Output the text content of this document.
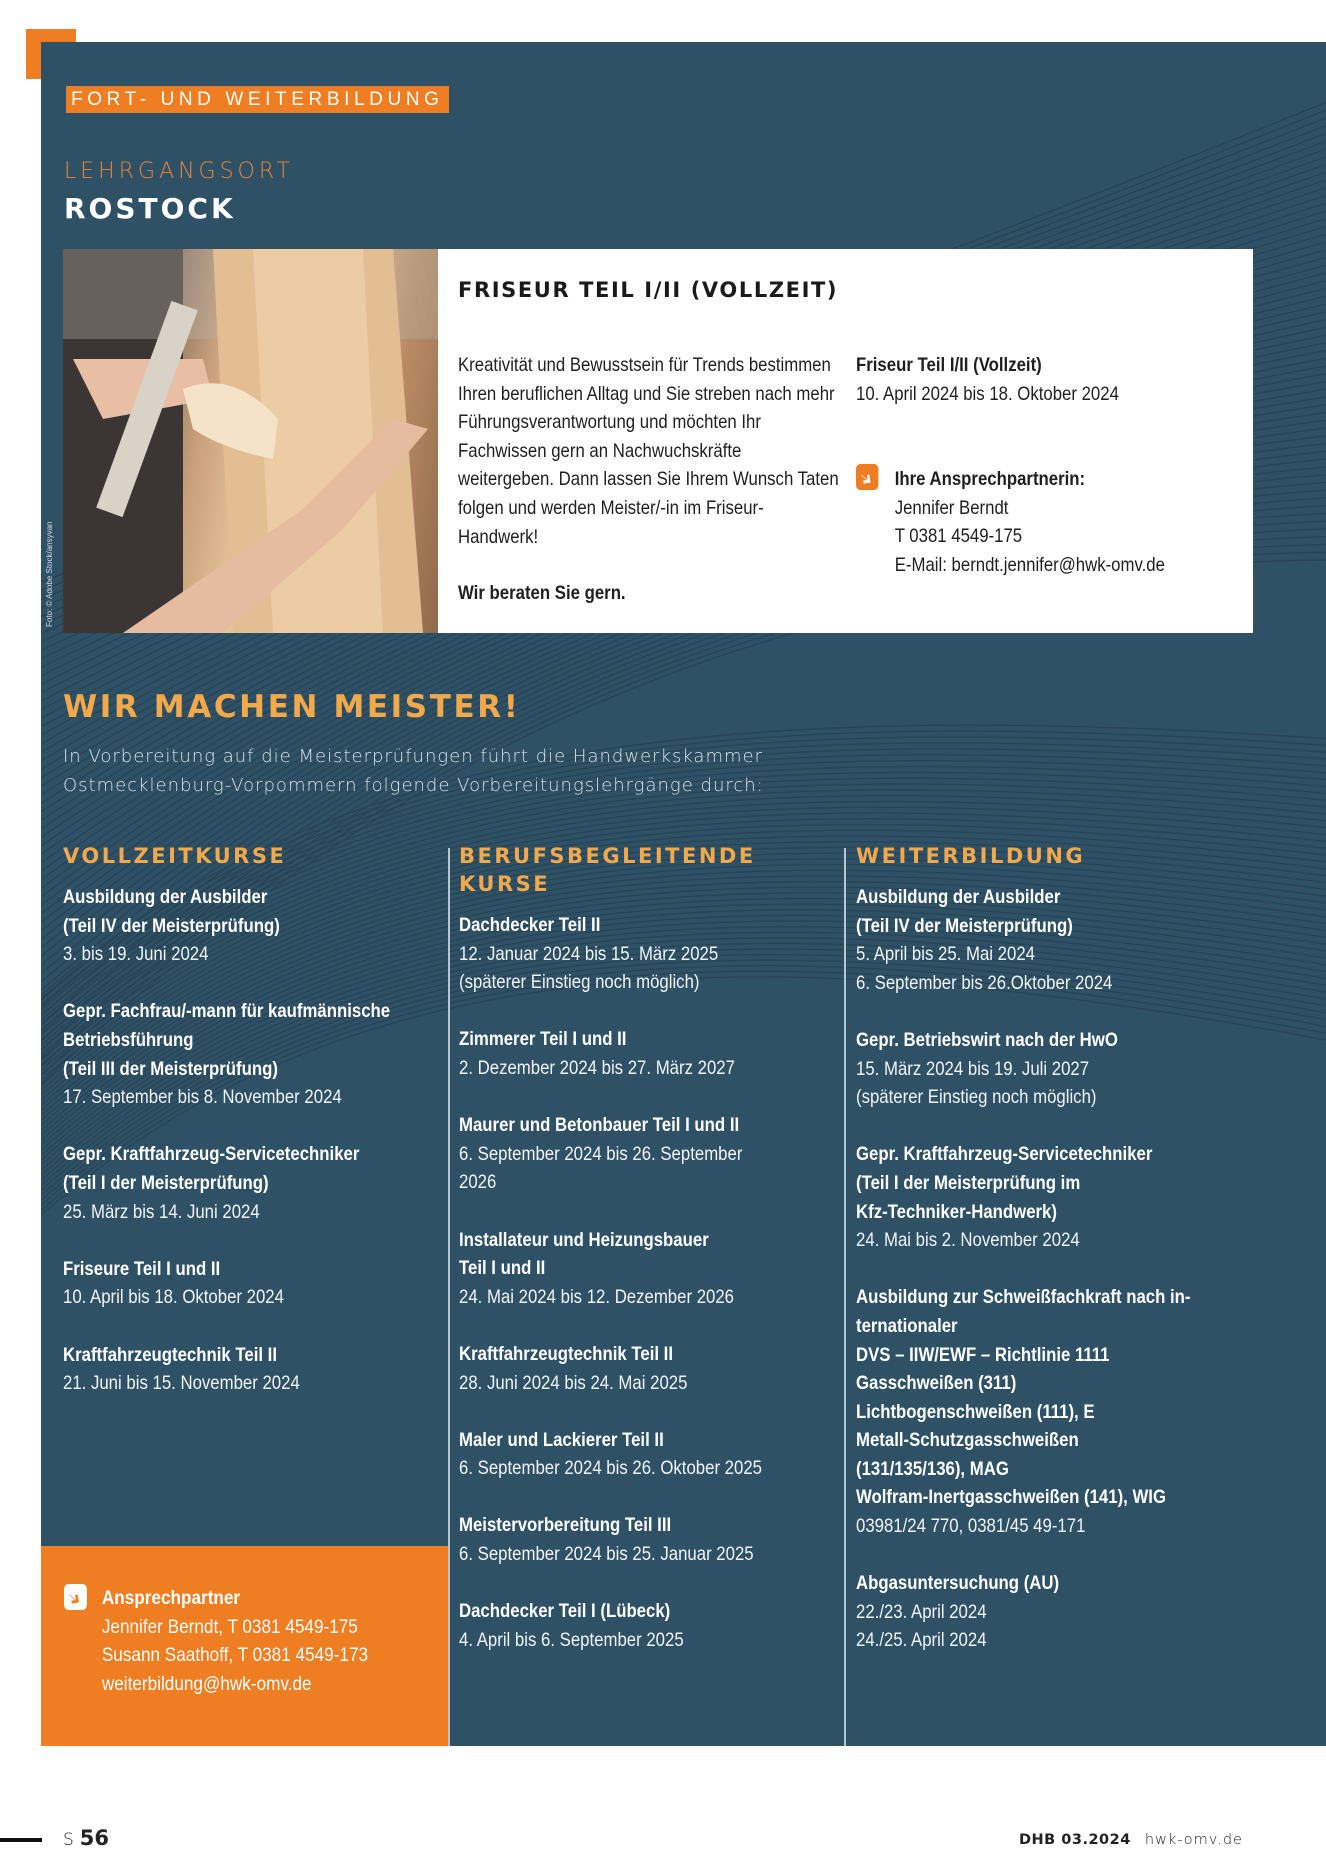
FORT- UND WEITERBILDUNG
LEHRGANGSORT
ROSTOCK
Foto: © Adobe Stock/ansyvan
FRISEUR TEIL I/II (VOLLZEIT)
Kreativität und Bewusstsein für Trends bestimmen Ihren beruflichen Alltag und Sie streben nach mehr Führungsverantwortung und möchten Ihr Fachwissen gern an Nachwuchskräfte weitergeben. Dann lassen Sie Ihrem Wunsch Taten folgen und werden Meister/-in im Friseur-Handwerk!
Wir beraten Sie gern.
Friseur Teil I/II (Vollzeit)
10. April 2024 bis 18. Oktober 2024
Ihre Ansprechpartnerin:
Jennifer Berndt
T 0381 4549-175
E-Mail: berndt.jennifer@hwk-omv.de
WIR MACHEN MEISTER!
In Vorbereitung auf die Meisterprüfungen führt die Handwerkskammer
Ostmecklenburg-Vorpommern folgende Vorbereitungslehrgänge durch:
VOLLZEITKURSE
Ausbildung der Ausbilder
(Teil IV der Meisterprüfung)
3. bis 19. Juni 2024
Gepr. Fachfrau/-mann für kaufmännische
Betriebsführung
(Teil III der Meisterprüfung)
17. September bis 8. November 2024
Gepr. Kraftfahrzeug-Servicetechniker
(Teil I der Meisterprüfung)
25. März bis 14. Juni 2024
Friseure Teil I und II
10. April bis 18. Oktober 2024
Kraftfahrzeugtechnik Teil II
21. Juni bis 15. November 2024
BERUFSBEGLEITENDE KURSE
Dachdecker Teil II
12. Januar 2024 bis 15. März 2025
(späterer Einstieg noch möglich)
Zimmerer Teil I und II
2. Dezember 2024 bis 27. März 2027
Maurer und Betonbauer Teil I und II
6. September 2024 bis 26. September
2026
Installateur und Heizungsbauer
Teil I und II
24. Mai 2024 bis 12. Dezember 2026
Kraftfahrzeugtechnik Teil II
28. Juni 2024 bis 24. Mai 2025
Maler und Lackierer Teil II
6. September 2024 bis 26. Oktober 2025
Meistervorbereitung Teil III
6. September 2024 bis 25. Januar 2025
Dachdecker Teil I (Lübeck)
4. April bis 6. September 2025
WEITERBILDUNG
Ausbildung der Ausbilder
(Teil IV der Meisterprüfung)
5. April bis 25. Mai 2024
6. September bis 26.Oktober 2024
Gepr. Betriebswirt nach der HwO
15. März 2024 bis 19. Juli 2027
(späterer Einstieg noch möglich)
Gepr. Kraftfahrzeug-Servicetechniker
(Teil I der Meisterprüfung im
Kfz-Techniker-Handwerk)
24. Mai bis 2. November 2024
Ausbildung zur Schweißfachkraft nach in-
ternationaler
DVS – IIW/EWF – Richtlinie 1111
Gasschweißen (311)
Lichtbogenschweißen (111), E
Metall-Schutzgasschweißen
(131/135/136), MAG
Wolfram-Inertgasschweißen (141), WIG
03981/24 770, 0381/45 49-171
Abgasuntersuchung (AU)
22./23. April 2024
24./25. April 2024
Ansprechpartner
Jennifer Berndt, T 0381 4549-175
Susann Saathoff, T 0381 4549-173
weiterbildung@hwk-omv.de
S 56	DHB 03.2024 hwk-omv.de
